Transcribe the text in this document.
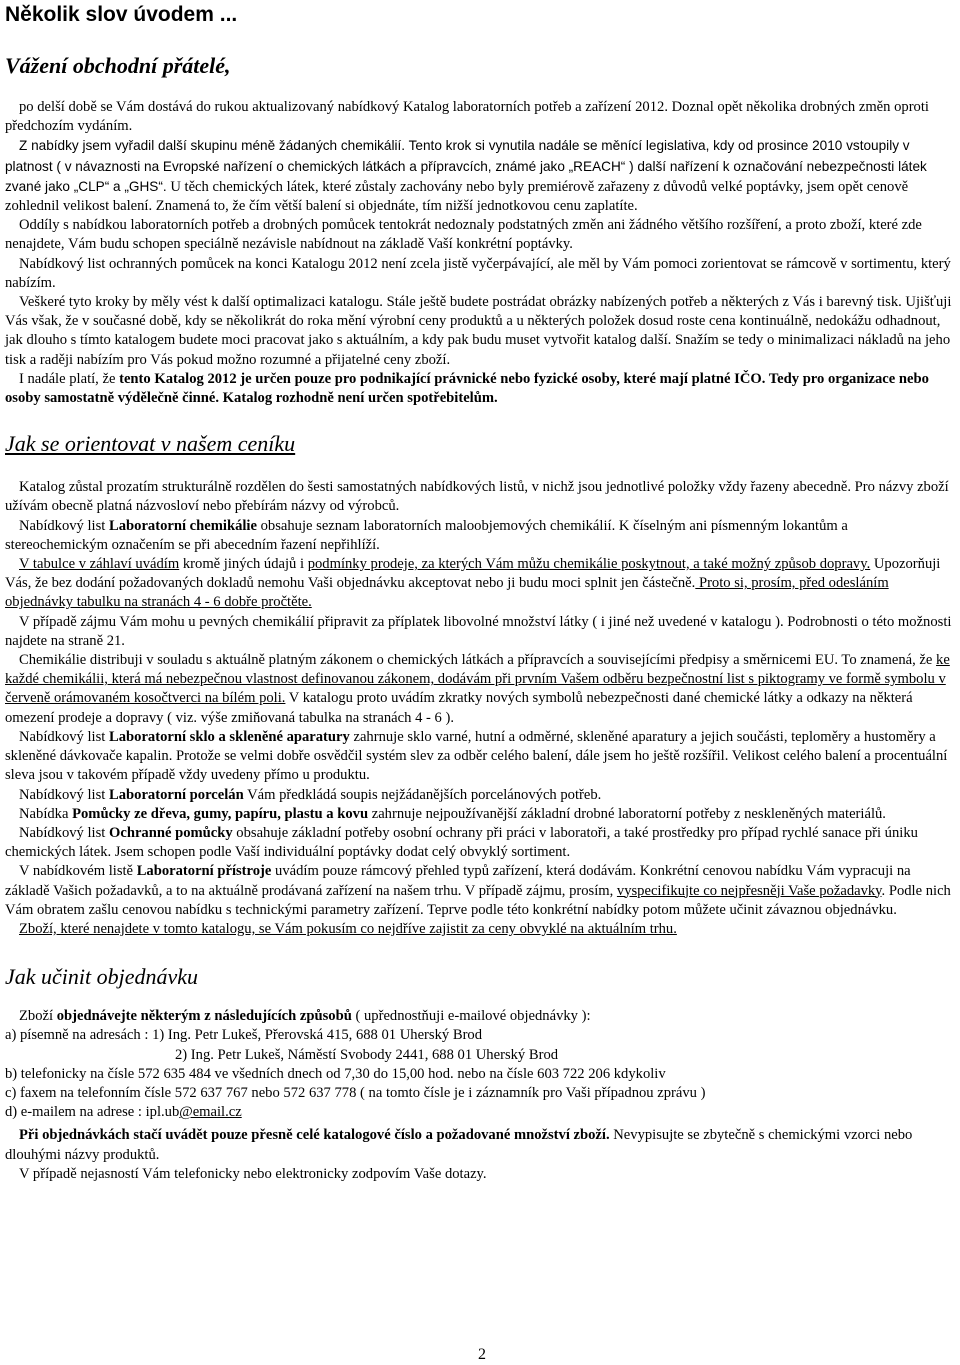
Několik slov úvodem ...
Vážení obchodní přátelé,

po delší době se Vám dostává do rukou aktualizovaný nabídkový Katalog laboratorních potřeb a zařízení 2012. Doznal opět několika drobných změn oproti předchozím vydáním.

Z nabídky jsem vyřadil další skupinu méně žádaných chemikálií. Tento krok si vynutila nadále se měnící legislativa, kdy od prosince 2010 vstoupily v platnost ( v návaznosti na Evropské nařízení o chemických látkách a přípravcích, známé jako „REACH“ ) další nařízení k označování nebezpečnosti látek zvané jako „CLP“ a „GHS“. U těch chemických látek, které zůstaly zachovány nebo byly premiérově zařazeny z důvodů velké poptávky, jsem opět cenově zohlednil velikost balení. Znamená to, že čím větší balení si objednáte, tím nižší jednotkovou cenu zaplatíte.

Oddíly s nabídkou laboratorních potřeb a drobných pomůcek tentokrát nedoznaly podstatných změn ani žádného většího rozšíření, a proto zboží, které zde nenajdete, Vám budu schopen speciálně nezávisle nabídnout na základě Vaší konkrétní poptávky.

Nabídkový list ochranných pomůcek na konci Katalogu 2012 není zcela jistě vyčerpávající, ale měl by Vám pomoci zorientovat se rámcově v sortimentu, který nabízím.

Veškeré tyto kroky by měly vést k další optimalizaci katalogu. Stále ještě budete postrádat obrázky nabízených potřeb a některých z Vás i barevný tisk. Ujišťuji Vás však, že v současné době, kdy se několikrát do roka mění výrobní ceny produktů a u některých položek dosud roste cena kontinuálně, nedokážu odhadnout, jak dlouho s tímto katalogem budete moci pracovat jako s aktuálním, a kdy pak budu muset vytvořit katalog další. Snažím se tedy o minimalizaci nákladů na jeho tisk a raději nabízím pro Vás pokud možno rozumné a přijatelné ceny zboží.

I nadále platí, že tento Katalog 2012 je určen pouze pro podnikající právnické nebo fyzické osoby, které mají platné IČO. Tedy pro organizace nebo osoby samostatně výdělečně činné. Katalog rozhodně není určen spotřebitelům.

Jak se orientovat v našem ceníku

Katalog zůstal prozatím strukturálně rozdělen do šesti samostatných nabídkových listů, v nichž jsou jednotlivé položky vždy řazeny abecedně. Pro názvy zboží užívám obecně platná názvosloví nebo přebírám názvy od výrobců.

Nabídkový list Laboratorní chemikálie obsahuje seznam laboratorních maloobjemových chemikálií. K číselným ani písmenným lokantům a stereochemickým označením se při abecedním řazení nepřihlíží.

V tabulce v záhlaví uvádím kromě jiných údajů i podmínky prodeje, za kterých Vám můžu chemikálie poskytnout, a také možný způsob dopravy. Upozorňuji Vás, že bez dodání požadovaných dokladů nemohu Vaši objednávku akceptovat nebo ji budu moci splnit jen částečně. Proto si, prosím, před odesláním objednávky tabulku na stranách 4 - 6 dobře pročtěte.

V případě zájmu Vám mohu u pevných chemikálií připravit za příplatek libovolné množství látky ( i jiné než uvedené v katalogu ). Podrobnosti o této možnosti najdete na straně 21.

Chemikálie distribuji v souladu s aktuálně platným zákonem o chemických látkách a přípravcích a souvisejícími předpisy a směrnicemi EU. To znamená, že ke každé chemikálii, která má nebezpečnou vlastnost definovanou zákonem, dodávám při prvním Vašem odběru bezpečnostní list s piktogramy ve formě symbolu v červeně orámovaném kosočtverci na bílém poli. V katalogu proto uvádím zkratky nových symbolů nebezpečnosti dané chemické látky a odkazy na některá omezení prodeje a dopravy ( viz. výše zmiňovaná tabulka na stranách 4 - 6 ).

Nabídkový list Laboratorní sklo a skleněné aparatury zahrnuje sklo varné, hutní a odměrné, skleněné aparatury a jejich součásti, teploměry a hustoměry a skleněné dávkovače kapalin. Protože se velmi dobře osvědčil systém slev za odběr celého balení, dále jsem ho ještě rozšířil. Velikost celého balení a procentuální sleva jsou v takovém případě vždy uvedeny přímo u produktu.

Nabídkový list Laboratorní porcelán Vám předkládá soupis nejžádanějších porcelánových potřeb.

Nabídka Pomůcky ze dřeva, gumy, papíru, plastu a kovu zahrnuje nejpoužívanější základní drobné laboratorní potřeby z neskleněných materiálů.

Nabídkový list Ochranné pomůcky obsahuje základní potřeby osobní ochrany při práci v laboratoři, a také prostředky pro případ rychlé sanace při úniku chemických látek. Jsem schopen podle Vaší individuální poptávky dodat celý obvyklý sortiment.

V nabídkovém listě Laboratorní přístroje uvádím pouze rámcový přehled typů zařízení, která dodávám. Konkrétní cenovou nabídku Vám vypracuji na základě Vašich požadavků, a to na aktuálně prodávaná zařízení na našem trhu. V případě zájmu, prosím, vyspecifikujte co nejpřesněji Vaše požadavky. Podle nich Vám obratem zašlu cenovou nabídku s technickými parametry zařízení. Teprve podle této konkrétní nabídky potom můžete učinit závaznou objednávku.

Zboží, které nenajdete v tomto katalogu, se Vám pokusím co nejdříve zajistit za ceny obvyklé na aktuálním trhu.

Jak učinit objednávku

Zboží objednávejte některým z následujících způsobů ( upřednostňuji e-mailové objednávky ):

a) písemně na adresách : 1) Ing. Petr Lukeš, Přerovská 415, 688 01 Uherský Brod

2) Ing. Petr Lukeš, Náměstí Svobody 2441, 688 01 Uherský Brod

b) telefonicky na čísle 572 635 484 ve všedních dnech od 7,30 do 15,00 hod. nebo na čísle 603 722 206 kdykoliv

c) faxem na telefonním čísle 572 637 767 nebo 572 637 778 ( na tomto čísle je i záznamník pro Vaši případnou zprávu )

d) e-mailem na adrese : ipl.ub@email.cz

Při objednávkách stačí uvádět pouze přesně celé katalogové číslo a požadované množství zboží. Nevypisujte se zbytečně s chemickými vzorci nebo dlouhými názvy produktů.

V případě nejasností Vám telefonicky nebo elektronicky zodpovím Vaše dotazy.

2
